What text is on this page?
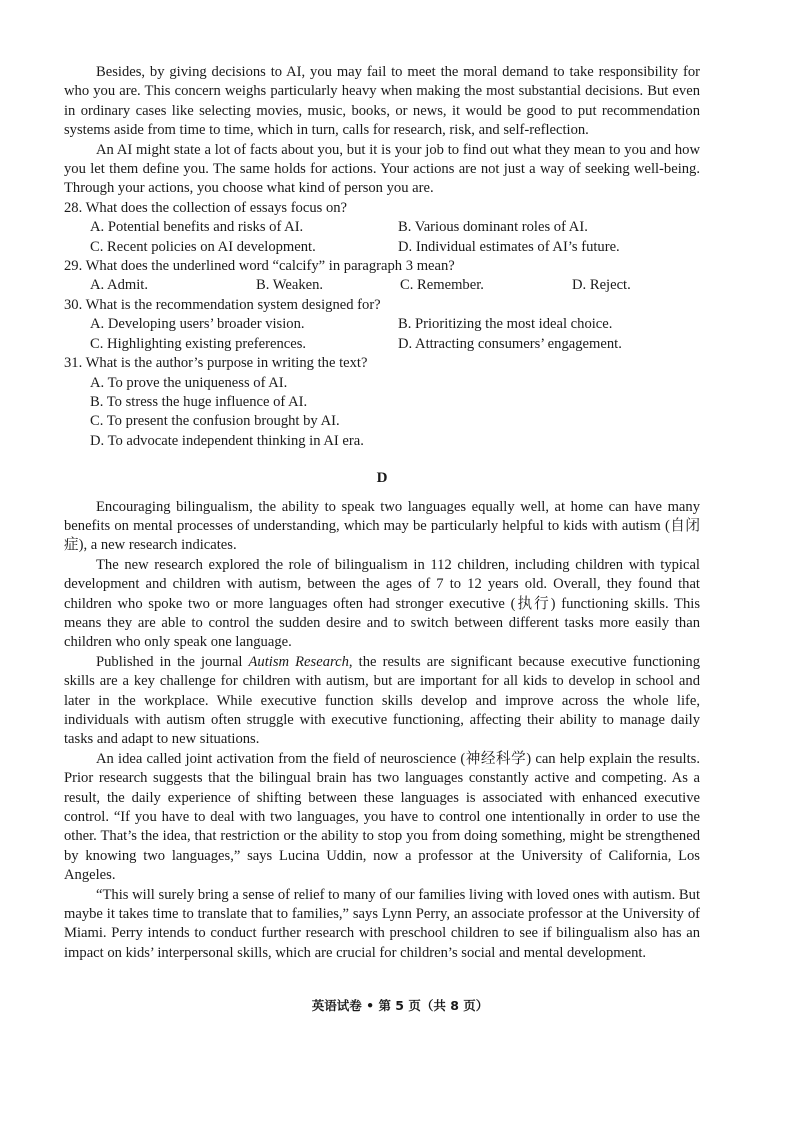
Besides, by giving decisions to AI, you may fail to meet the moral demand to take responsibility for who you are. This concern weighs particularly heavy when making the most substantial decisions. But even in ordinary cases like selecting movies, music, books, or news, it would be good to put recommendation systems aside from time to time, which in turn, calls for research, risk, and self-reflection.

An AI might state a lot of facts about you, but it is your job to find out what they mean to you and how you let them define you. The same holds for actions. Your actions are not just a way of seeking well-being. Through your actions, you choose what kind of person you are.

28. What does the collection of essays focus on?

A. Potential benefits and risks of AI.	B. Various dominant roles of AI.
C. Recent policies on AI development.	D. Individual estimates of AI’s future.

29. What does the underlined word “calcify” in paragraph 3 mean?

A. Admit.	B. Weaken.	C. Remember.	D. Reject.

30. What is the recommendation system designed for?

A. Developing users’ broader vision.	B. Prioritizing the most ideal choice.
C. Highlighting existing preferences.	D. Attracting consumers’ engagement.

31. What is the author’s purpose in writing the text?

A. To prove the uniqueness of AI.
B. To stress the huge influence of AI.
C. To present the confusion brought by AI.
D. To advocate independent thinking in AI era.
D

Encouraging bilingualism, the ability to speak two languages equally well, at home can have many benefits on mental processes of understanding, which may be particularly helpful to kids with autism (自闭症), a new research indicates.

The new research explored the role of bilingualism in 112 children, including children with typical development and children with autism, between the ages of 7 to 12 years old. Overall, they found that children who spoke two or more languages often had stronger executive (执行) functioning skills. This means they are able to control the sudden desire and to switch between different tasks more easily than children who only speak one language.

Published in the journal Autism Research, the results are significant because executive functioning skills are a key challenge for children with autism, but are important for all kids to develop in school and later in the workplace. While executive function skills develop and improve across the whole life, individuals with autism often struggle with executive functioning, affecting their ability to manage daily tasks and adapt to new situations.

An idea called joint activation from the field of neuroscience (神经科学) can help explain the results. Prior research suggests that the bilingual brain has two languages constantly active and competing. As a result, the daily experience of shifting between these languages is associated with enhanced executive control. “If you have to deal with two languages, you have to control one intentionally in order to use the other. That’s the idea, that restriction or the ability to stop you from doing something, might be strengthened by knowing two languages,” says Lucina Uddin, now a professor at the University of California, Los Angeles.

“This will surely bring a sense of relief to many of our families living with loved ones with autism. But maybe it takes time to translate that to families,” says Lynn Perry, an associate professor at the University of Miami. Perry intends to conduct further research with preschool children to see if bilingualism also has an impact on kids’ interpersonal skills, which are crucial for children’s social and mental development.

英语试卷 • 第 5 页（共 8 页）
